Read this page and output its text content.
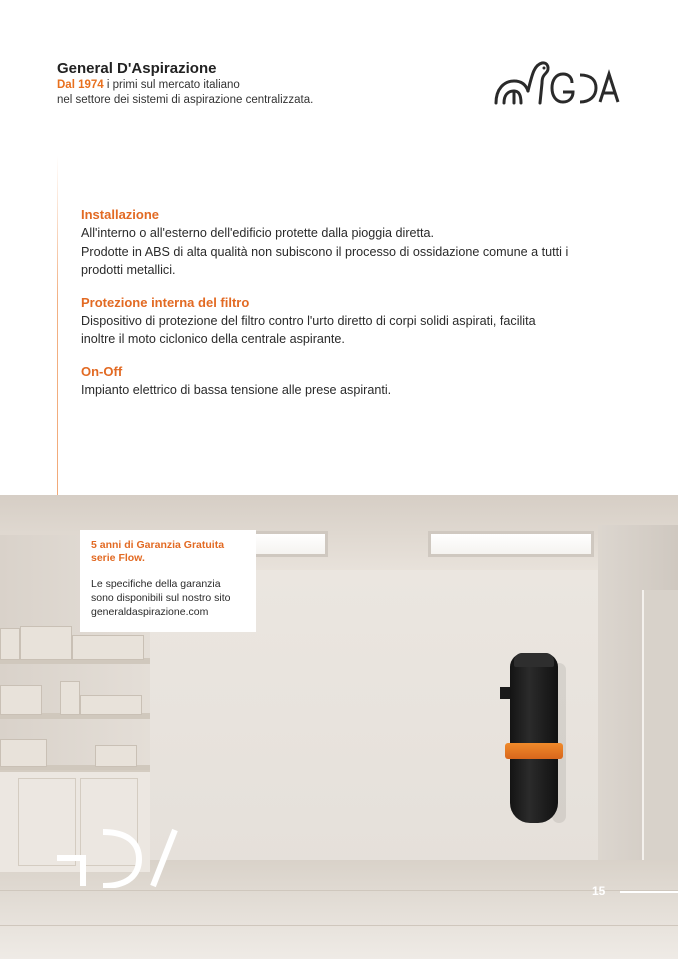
General D'Aspirazione
Dal 1974 i primi sul mercato italiano
nel settore dei sistemi di aspirazione centralizzata.
Installazione

All'interno o all'esterno dell'edificio protette dalla pioggia diretta.
Prodotte in ABS di alta qualità non subiscono il processo di ossidazione comune a tutti i
prodotti metallici.

Protezione interna del filtro

Dispositivo di protezione del filtro contro l'urto diretto di corpi solidi aspirati, facilita
inoltre il moto ciclonico della centrale aspirante.

On-Off

Impianto elettrico di bassa tensione alle prese aspiranti.

5 anni di Garanzia Gratuita
serie Flow.
Le specifiche della garanzia
sono disponibili sul nostro sito
generaldaspirazione.com
15
